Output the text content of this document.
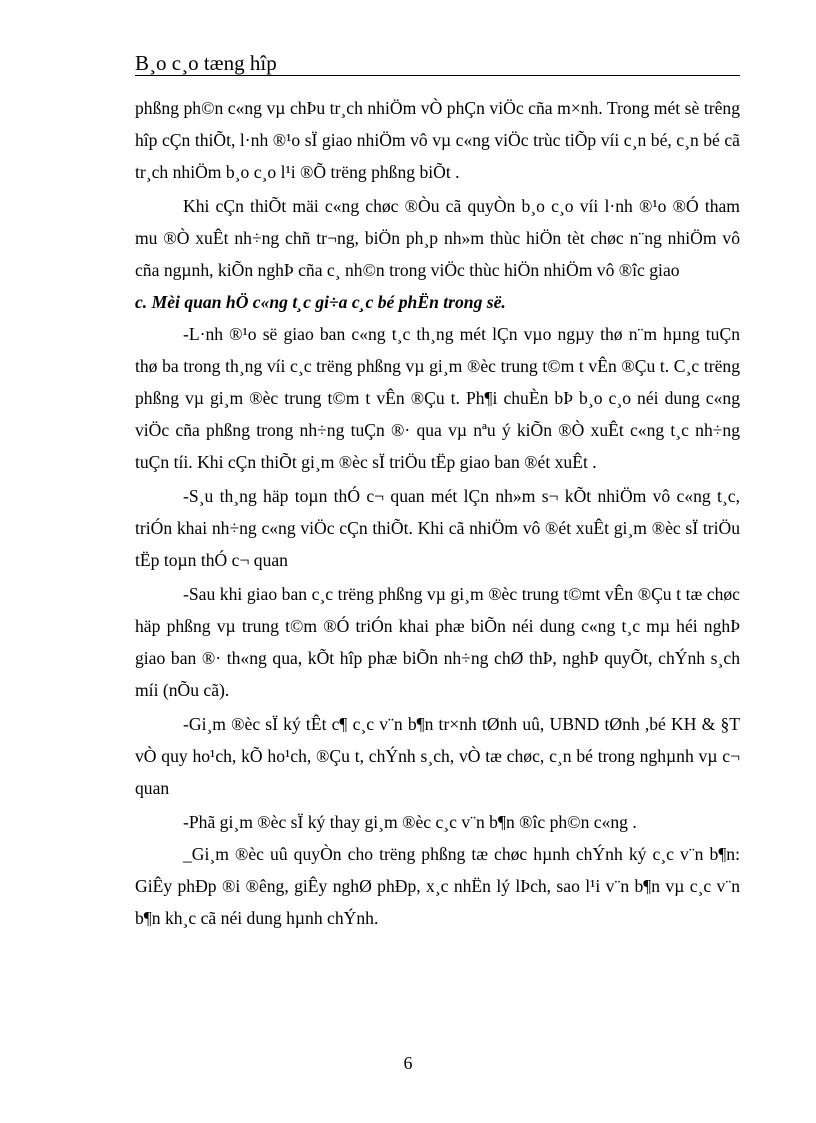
B¸o c¸o tæng hîp

phßng ph©n c«ng vµ chÞu tr¸ch nhiÖm vÒ phÇn viÖc cña m×nh. Trong mét sè trêng hîp cÇn thiÕt, l·nh ®¹o sÏ giao nhiÖm vô vµ c«ng viÖc trùc tiÕp víi c¸n bé, c¸n bé cã tr¸ch nhiÖm b¸o c¸o l¹i ®Õ trëng phßng biÕt .

Khi cÇn thiÕt mäi c«ng chøc ®Òu cã quyÒn b¸o c¸o víi l·nh ®¹o ®Ó tham mu ®Ò xuÊt nh÷ng chñ tr¬ng, biÖn ph¸p nh»m thùc hiÖn tèt chøc n¨ng nhiÖm vô cña ngµnh, kiÕn nghÞ cña c¸ nh©n trong viÖc thùc hiÖn nhiÖm vô ®îc giao

c. Mèi quan hÖ c«ng t¸c gi÷a c¸c bé phËn trong së.

-L·nh ®¹o së giao ban c«ng t¸c th¸ng mét lÇn vµo ngµy thø n¨m hµng tuÇn thø ba trong th¸ng víi c¸c trëng phßng vµ gi¸m ®èc trung t©m t vÊn ®Çu t. C¸c trëng phßng vµ gi¸m ®èc trung t©m t vÊn ®Çu t. Ph¶i chuÈn bÞ b¸o c¸o néi dung c«ng viÖc cña phßng trong nh÷ng tuÇn ®· qua vµ nªu ý kiÕn ®Ò xuÊt c«ng t¸c nh÷ng tuÇn tíi. Khi cÇn thiÕt gi¸m ®èc sÏ triÖu tËp giao ban ®ét xuÊt .

-S¸u th¸ng häp toµn thÓ c¬ quan mét lÇn nh»m s¬ kÕt nhiÖm vô c«ng t¸c, triÓn khai nh÷ng c«ng viÖc cÇn thiÕt. Khi cã nhiÖm vô ®ét xuÊt gi¸m ®èc sÏ triÖu tËp toµn thÓ c¬ quan

-Sau khi giao ban c¸c trëng phßng vµ gi¸m ®èc trung t©mt vÊn ®Çu t tæ chøc häp phßng vµ trung t©m ®Ó triÓn khai phæ biÕn néi dung c«ng t¸c mµ héi nghÞ giao ban ®· th«ng qua, kÕt hîp phæ biÕn nh÷ng chØ thÞ, nghÞ quyÕt, chÝnh s¸ch míi (nÕu cã).

-Gi¸m ®èc sÏ ký tÊt c¶ c¸c v¨n b¶n tr×nh tØnh uû, UBND tØnh ,bé KH & §T vÒ quy ho¹ch, kÕ ho¹ch, ®Çu t, chÝnh s¸ch, vÒ tæ chøc, c¸n bé trong nghµnh vµ c¬ quan

-Phã gi¸m ®èc sÏ ký thay gi¸m ®èc c¸c v¨n b¶n ®îc ph©n c«ng .

_Gi¸m ®èc uû quyÒn cho trëng phßng tæ chøc hµnh chÝnh ký c¸c v¨n b¶n: GiÊy phÐp ®i ®êng, giÊy nghØ phÐp, x¸c nhËn lý lÞch, sao l¹i v¨n b¶n vµ c¸c v¨n b¶n kh¸c cã néi dung hµnh chÝnh.

6
